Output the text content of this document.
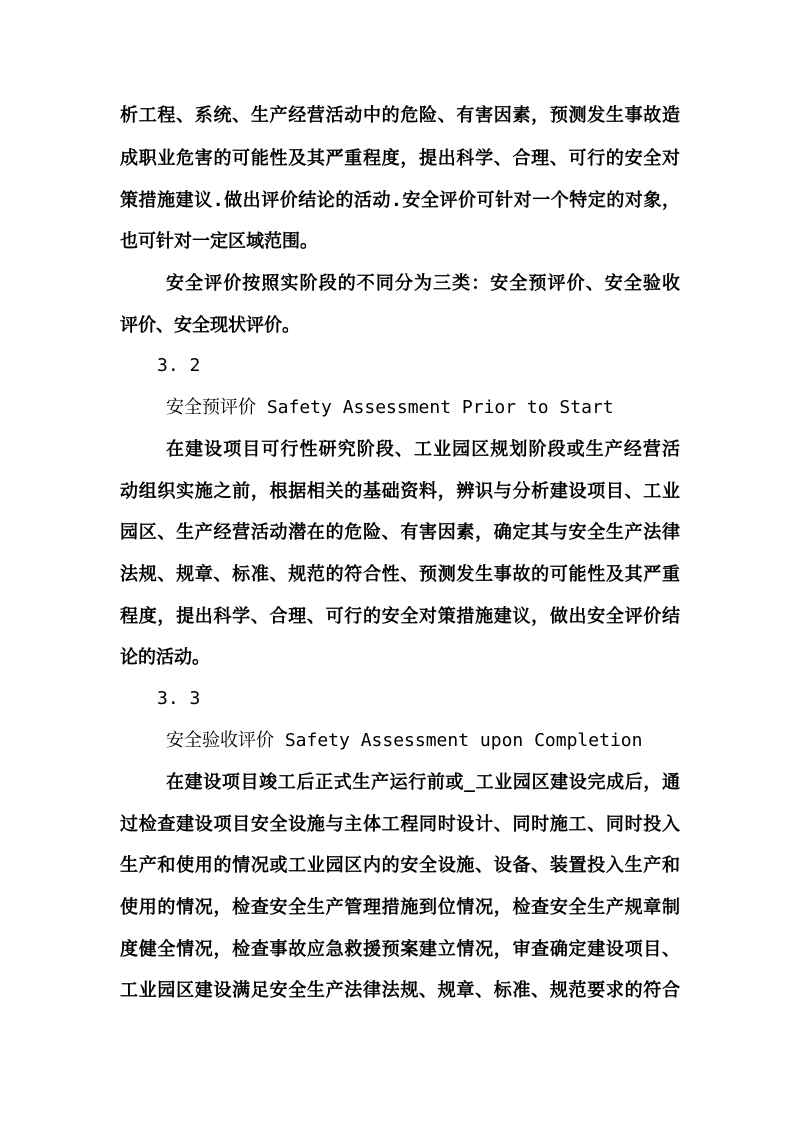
析工程、系统、生产经营活动中的危险、有害因素，预测发生事故造
成职业危害的可能性及其严重程度，提出科学、合理、可行的安全对
策措施建议.做出评价结论的活动.安全评价可针对一个特定的对象，
也可针对一定区域范围。
安全评价按照实阶段的不同分为三类：安全预评价、安全验收
评价、安全现状评价。
3. 2
安全预评价 Safety Assessment Prior to Start
在建设项目可行性研究阶段、工业园区规划阶段或生产经营活
动组织实施之前，根据相关的基础资料，辨识与分析建设项目、工业
园区、生产经营活动潜在的危险、有害因素，确定其与安全生产法律
法规、规章、标准、规范的符合性、预测发生事故的可能性及其严重
程度，提出科学、合理、可行的安全对策措施建议，做出安全评价结
论的活动。
3. 3
安全验收评价 Safety Assessment upon Completion
在建设项目竣工后正式生产运行前或_工业园区建设完成后，通
过检查建设项目安全设施与主体工程同时设计、同时施工、同时投入
生产和使用的情况或工业园区内的安全设施、设备、装置投入生产和
使用的情况，检查安全生产管理措施到位情况，检查安全生产规章制
度健全情况，检查事故应急救援预案建立情况，审查确定建设项目、
工业园区建设满足安全生产法律法规、规章、标准、规范要求的符合
